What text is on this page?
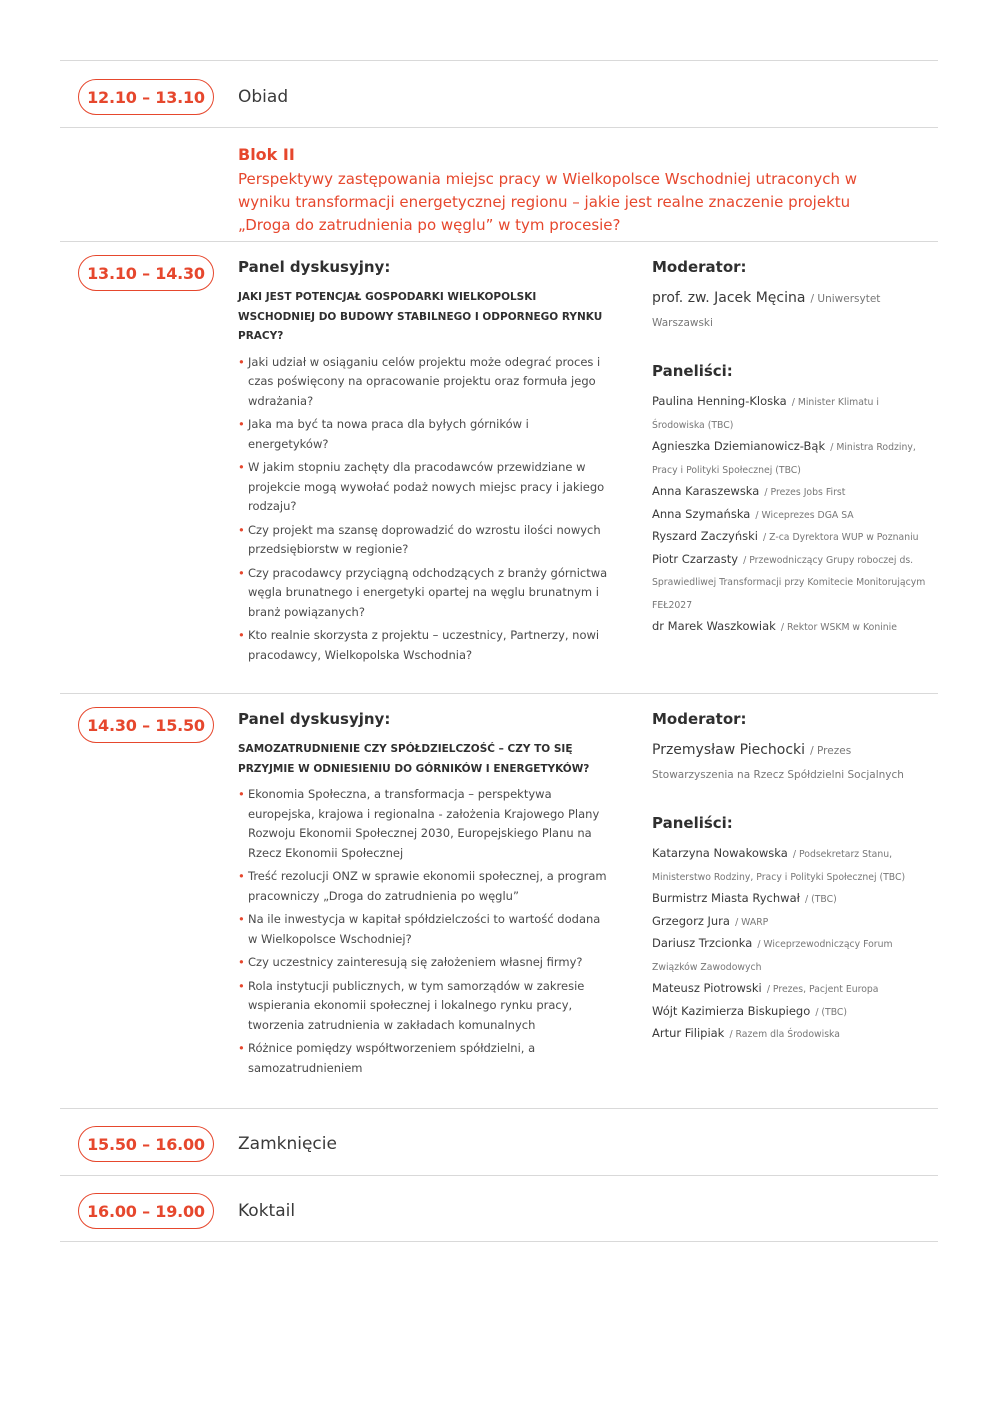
12.10 – 13.10	Obiad
Blok II
Perspektywy zastępowania miejsc pracy w Wielkopolsce Wschodniej utraconych w wyniku transformacji energetycznej regionu – jakie jest realne znaczenie projektu „Droga do zatrudnienia po węglu” w tym procesie?
13.10 – 14.30	Panel dyskusyjny:
JAKI JEST POTENCJAŁ GOSPODARKI WIELKOPOLSKI WSCHODNIEJ DO BUDOWY STABILNEGO I ODPORNEGO RYNKU PRACY?
• Jaki udział w osiąganiu celów projektu może odegrać proces i czas poświęcony na opracowanie projektu oraz formuła jego wdrażania?
• Jaka ma być ta nowa praca dla byłych górników i energetyków?
• W jakim stopniu zachęty dla pracodawców przewidziane w projekcie mogą wywołać podaż nowych miejsc pracy i jakiego rodzaju?
• Czy projekt ma szansę doprowadzić do wzrostu ilości nowych przedsiębiorstw w regionie?
• Czy pracodawcy przyciągną odchodzących z branży górnictwa węgla brunatnego i energetyki opartej na węglu brunatnym i branż powiązanych?
• Kto realnie skorzysta z projektu – uczestnicy, Partnerzy, nowi pracodawcy, Wielkopolska Wschodnia?
Moderator:
prof. zw. Jacek Męcina / Uniwersytet Warszawski
Paneliści:
Paulina Henning-Kloska / Minister Klimatu i Środowiska (TBC)
Agnieszka Dziemianowicz-Bąk / Ministra Rodziny, Pracy i Polityki Społecznej (TBC)
Anna Karaszewska / Prezes Jobs First
Anna Szymańska / Wiceprezes DGA SA
Ryszard Zaczyński / Z-ca Dyrektora WUP w Poznaniu
Piotr Czarzasty / Przewodniczący Grupy roboczej ds. Sprawiedliwej Transformacji przy Komitecie Monitorującym FEŁ2027
dr Marek Waszkowiak / Rektor WSKM w Koninie
14.30 – 15.50	Panel dyskusyjny:
SAMOZATRUDNIENIE CZY SPÓŁDZIELCZOŚĆ – CZY TO SIĘ PRZYJMIE W ODNIESIENIU DO GÓRNIKÓW I ENERGETYKÓW?
• Ekonomia Społeczna, a transformacja – perspektywa europejska, krajowa i regionalna - założenia Krajowego Plany Rozwoju Ekonomii Społecznej 2030, Europejskiego Planu na Rzecz Ekonomii Społecznej
• Treść rezolucji ONZ w sprawie ekonomii społecznej, a program pracowniczy „Droga do zatrudnienia po węglu”
• Na ile inwestycja w kapitał spółdzielczości to wartość dodana w Wielkopolsce Wschodniej?
• Czy uczestnicy zainteresują się założeniem własnej firmy?
• Rola instytucji publicznych, w tym samorządów w zakresie wspierania ekonomii społecznej i lokalnego rynku pracy, tworzenia zatrudnienia w zakładach komunalnych
• Różnice pomiędzy współtworzeniem spółdzielni, a samozatrudnieniem
Moderator:
Przemysław Piechocki / Prezes Stowarzyszenia na Rzecz Spółdzielni Socjalnych
Paneliści:
Katarzyna Nowakowska / Podsekretarz Stanu, Ministerstwo Rodziny, Pracy i Polityki Społecznej (TBC)
Burmistrz Miasta Rychwał / (TBC)
Grzegorz Jura / WARP
Dariusz Trzcionka / Wiceprzewodniczący Forum Związków Zawodowych
Mateusz Piotrowski / Prezes, Pacjent Europa
Wójt Kazimierza Biskupiego / (TBC)
Artur Filipiak / Razem dla Środowiska
15.50 – 16.00	Zamknięcie
16.00 – 19.00	Koktail
